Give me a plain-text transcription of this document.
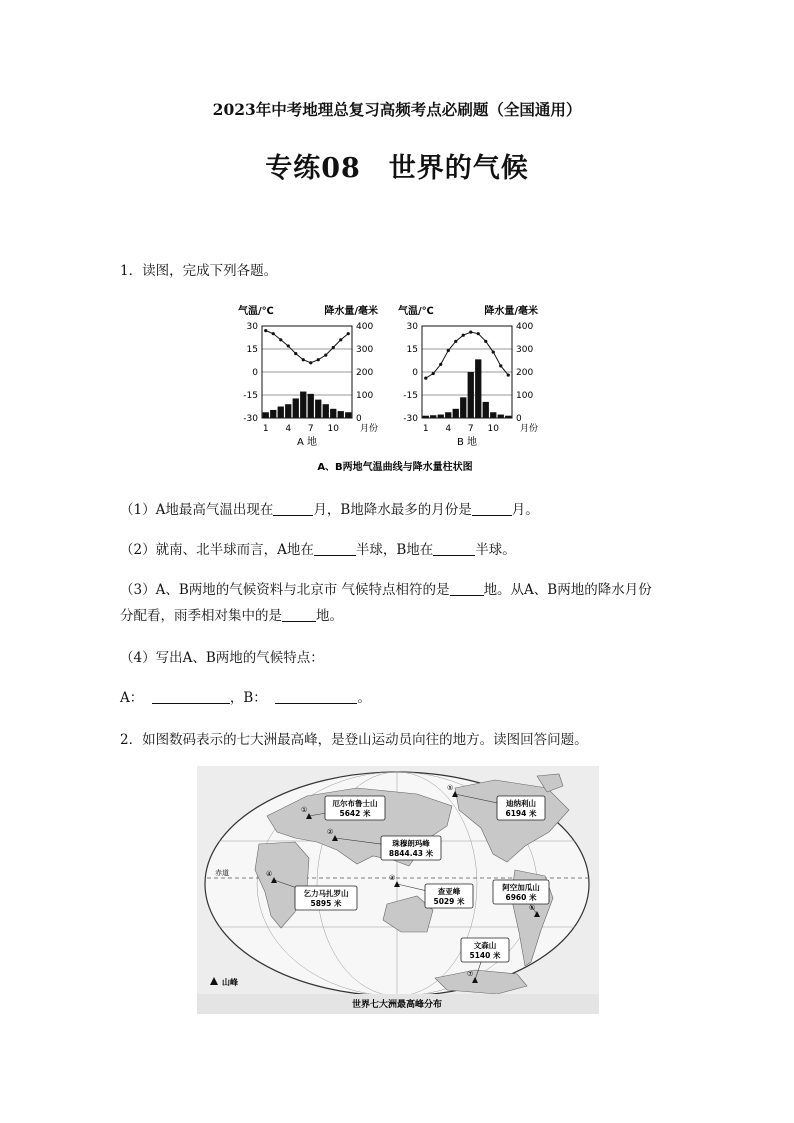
2023年中考地理总复习高频考点必刷题（全国通用）
专练08　世界的气候
1．读图，完成下列各题。
气温/℃	降水量/毫米
30
15
0
-15
-30
400
300
200
100
0
1 4 7 10 月份
A 地
气温/℃	降水量/毫米
30
15
0
-15
-30
400
300
200
100
0
1 4 7 10 月份
B 地
A、B两地气温曲线与降水量柱状图
（1）A地最高气温出现在	月，B地降水最多的月份是	月。
（2）就南、北半球而言，A地在	半球，B地在	半球。
（3）A、B两地的气候资料与北京市 气候特点相符的是	地。从A、B两地的降水月份
分配看，雨季相对集中的是	地。
（4）写出A、B两地的气候特点：
A：	，B：	。
2．如图数码表示的七大洲最高峰，是登山运动员向往的地方。读图回答问题。
赤道
①
厄尔布鲁士山
5642 米
②
珠穆朗玛峰
8844.43 米
③
查亚峰
5029 米
④
乞力马扎罗山
5895 米
⑤
迪纳利山
6194 米
⑥
阿空加瓜山
6960 米
⑦
文森山
5140 米
山峰
世界七大洲最高峰分布
